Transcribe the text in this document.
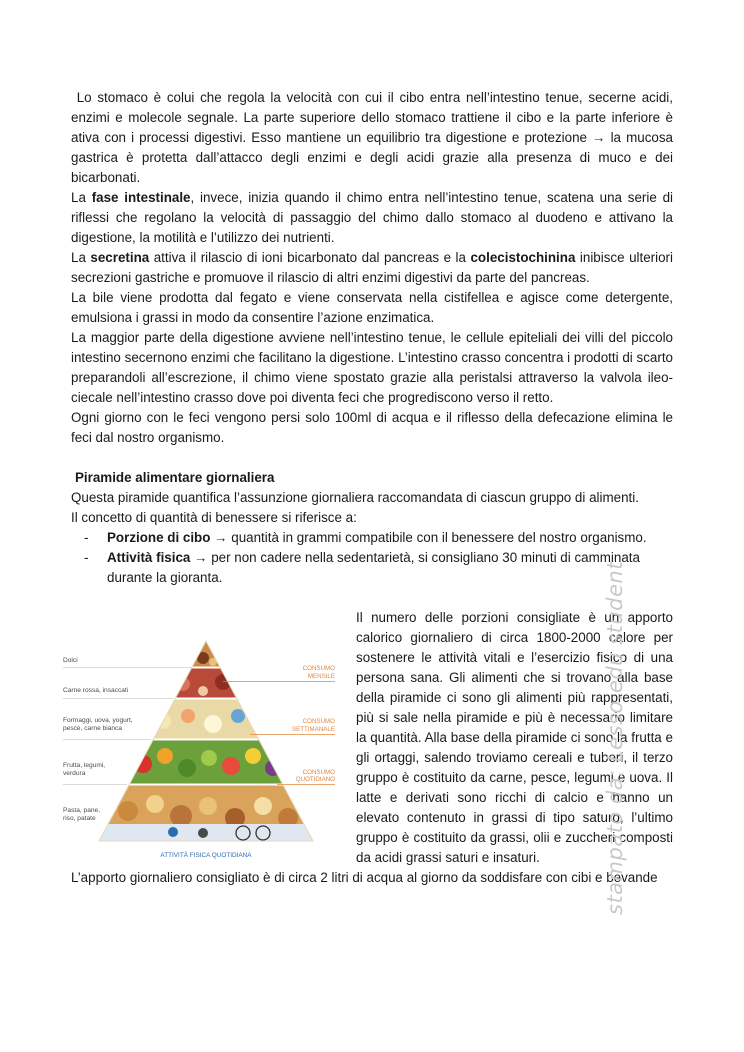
Lo stomaco è colui che regola la velocità con cui il cibo entra nell’intestino tenue, secerne acidi, enzimi e molecole segnale. La parte superiore dello stomaco trattiene il cibo e la parte inferiore è ativa con i processi digestivi. Esso mantiene un equilibrio tra digestione e protezione → la mucosa gastrica è protetta dall’attacco degli enzimi e degli acidi grazie alla presenza di muco e dei bicarbonati.

La fase intestinale, invece, inizia quando il chimo entra nell’intestino tenue, scatena una serie di riflessi che regolano la velocità di passaggio del chimo dallo stomaco al duodeno e attivano la digestione, la motilità e l’utilizzo dei nutrienti.

La secretina attiva il rilascio di ioni bicarbonato dal pancreas e la colecistochinina inibisce ulteriori secrezioni gastriche e promuove il rilascio di altri enzimi digestivi da parte del pancreas.

La bile viene prodotta dal fegato e viene conservata nella cistifellea e agisce come detergente, emulsiona i grassi in modo da consentire l’azione enzimatica.

La maggior parte della digestione avviene nell’intestino tenue, le cellule epiteliali dei villi del piccolo intestino secernono enzimi che facilitano la digestione. L’intestino crasso concentra i prodotti di scarto preparandoli all’escrezione, il chimo viene spostato grazie alla peristalsi attraverso la valvola ileo-ciecale nell’intestino crasso dove poi diventa feci che progrediscono verso il retto.

Ogni giorno con le feci vengono persi solo 100ml di acqua e il riflesso della defecazione elimina le feci dal nostro organismo.

Piramide alimentare giornaliera
Questa piramide quantifica l’assunzione giornaliera raccomandata di ciascun gruppo di alimenti.
Il concetto di quantità di benessere si riferisce a:
- Porzione di cibo → quantità in grammi compatibile con il benessere del nostro organismo.
- Attività fisica → per non cadere nella sedentarietà, si consigliano 30 minuti di camminata durante la gioranta.
Dolci
Carne rossa, insaccati
Formaggi, uova, yogurt,
pesce, carne bianca
Frutta, legumi,
verdura
Pasta, pane,
riso, patate
CONSUMO
MENSILE
CONSUMO
SETTIMANALE
CONSUMO
QUOTIDIANO
ATTIVITÀ FISICA QUOTIDIANA

Il numero delle porzioni consigliate è un apporto calorico giornaliero di circa 1800-2000 calore per sostenere le attività vitali e l’esercizio fisico di una persona sana. Gli alimenti che si trovano alla base della piramide ci sono gli alimenti più rappresentati, più si sale nella piramide e più è necessario limitare la quantità. Alla base della piramide ci sono la frutta e gli ortaggi, salendo troviamo cereali e tuberi, il terzo gruppo è costituito da carne, pesce, legumi e uova. Il latte e derivati sono ricchi di calcio e hanno un elevato contenuto in grassi di tipo saturo, l’ultimo gruppo è costituito da grassi, olii e zuccheri composti da acidi grassi saturi e insaturi.

L’apporto giornaliero consigliato è di circa 2 litri di acqua al giorno da soddisfare con cibi e bevande
stampato da: Lesso.edu student
